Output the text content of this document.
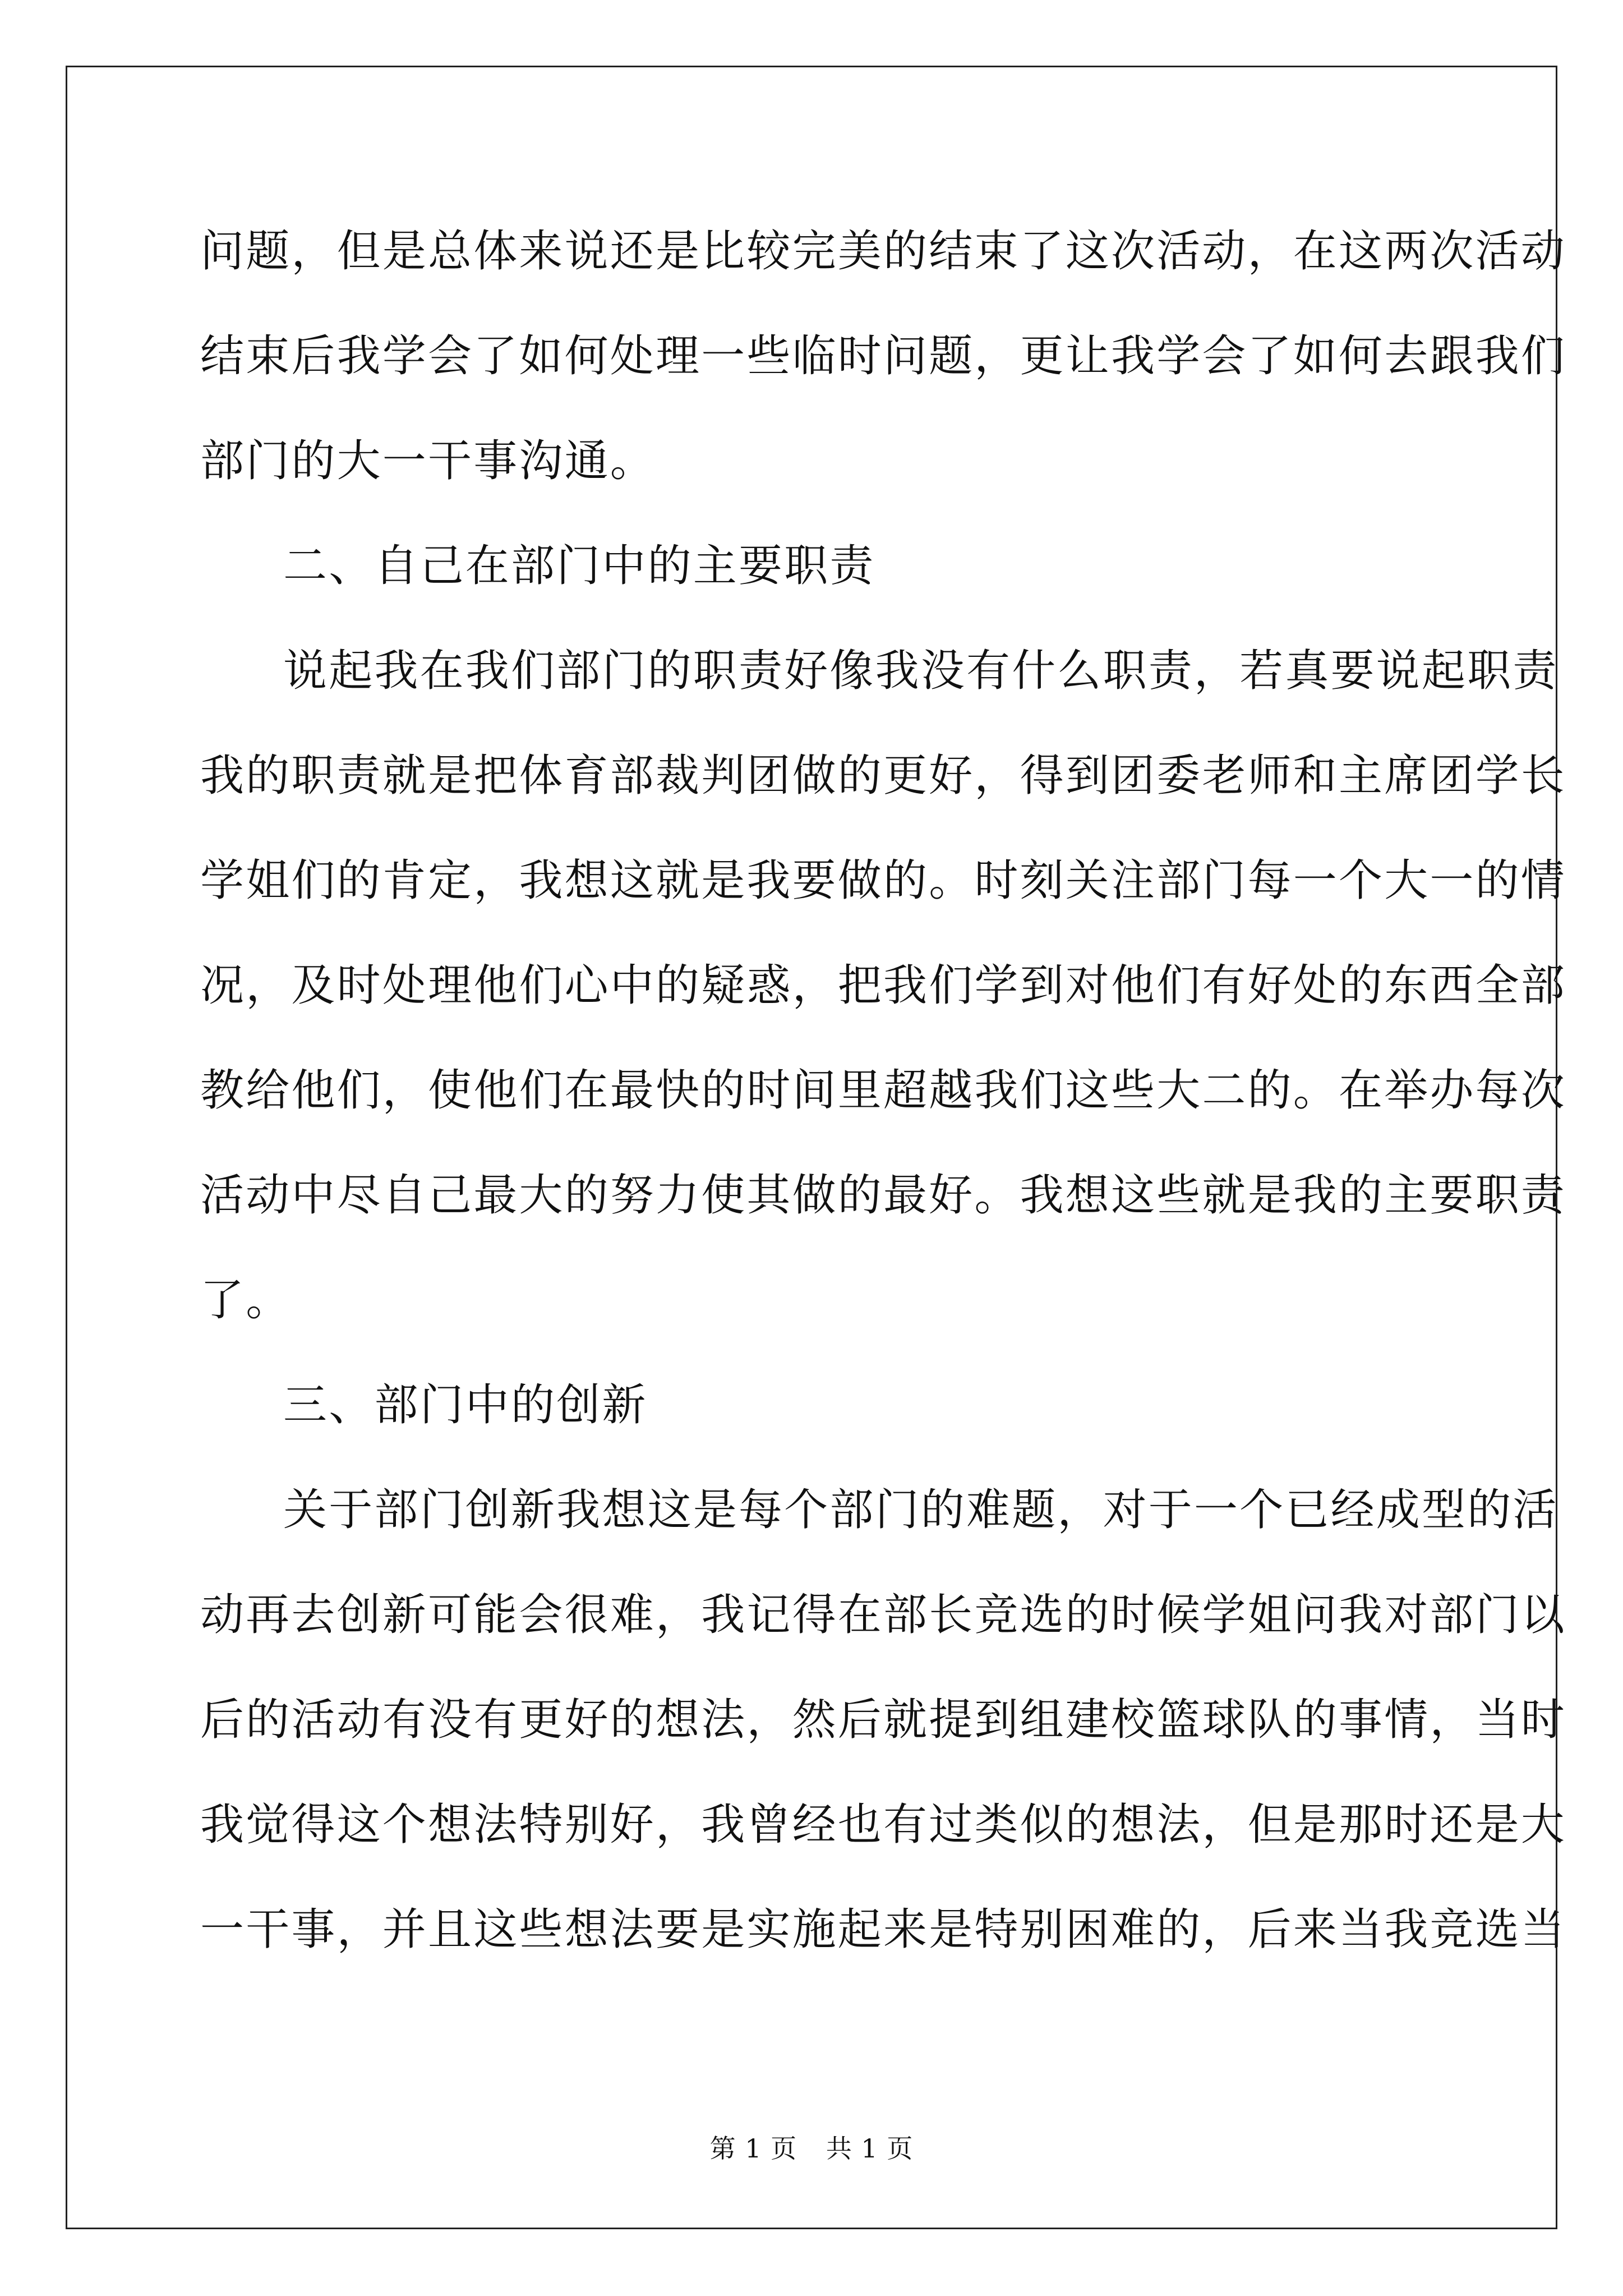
问题，但是总体来说还是比较完美的结束了这次活动，在这两次活动
结束后我学会了如何处理一些临时问题，更让我学会了如何去跟我们
部门的大一干事沟通。
二、自己在部门中的主要职责
说起我在我们部门的职责好像我没有什么职责，若真要说起职责
我的职责就是把体育部裁判团做的更好，得到团委老师和主席团学长
学姐们的肯定，我想这就是我要做的。时刻关注部门每一个大一的情
况，及时处理他们心中的疑惑，把我们学到对他们有好处的东西全部
教给他们，使他们在最快的时间里超越我们这些大二的。在举办每次
活动中尽自己最大的努力使其做的最好。我想这些就是我的主要职责
了。
三、部门中的创新
关于部门创新我想这是每个部门的难题，对于一个已经成型的活
动再去创新可能会很难，我记得在部长竞选的时候学姐问我对部门以
后的活动有没有更好的想法，然后就提到组建校篮球队的事情，当时
我觉得这个想法特别好，我曾经也有过类似的想法，但是那时还是大
一干事，并且这些想法要是实施起来是特别困难的，后来当我竞选当
第 1 页 共 1 页
